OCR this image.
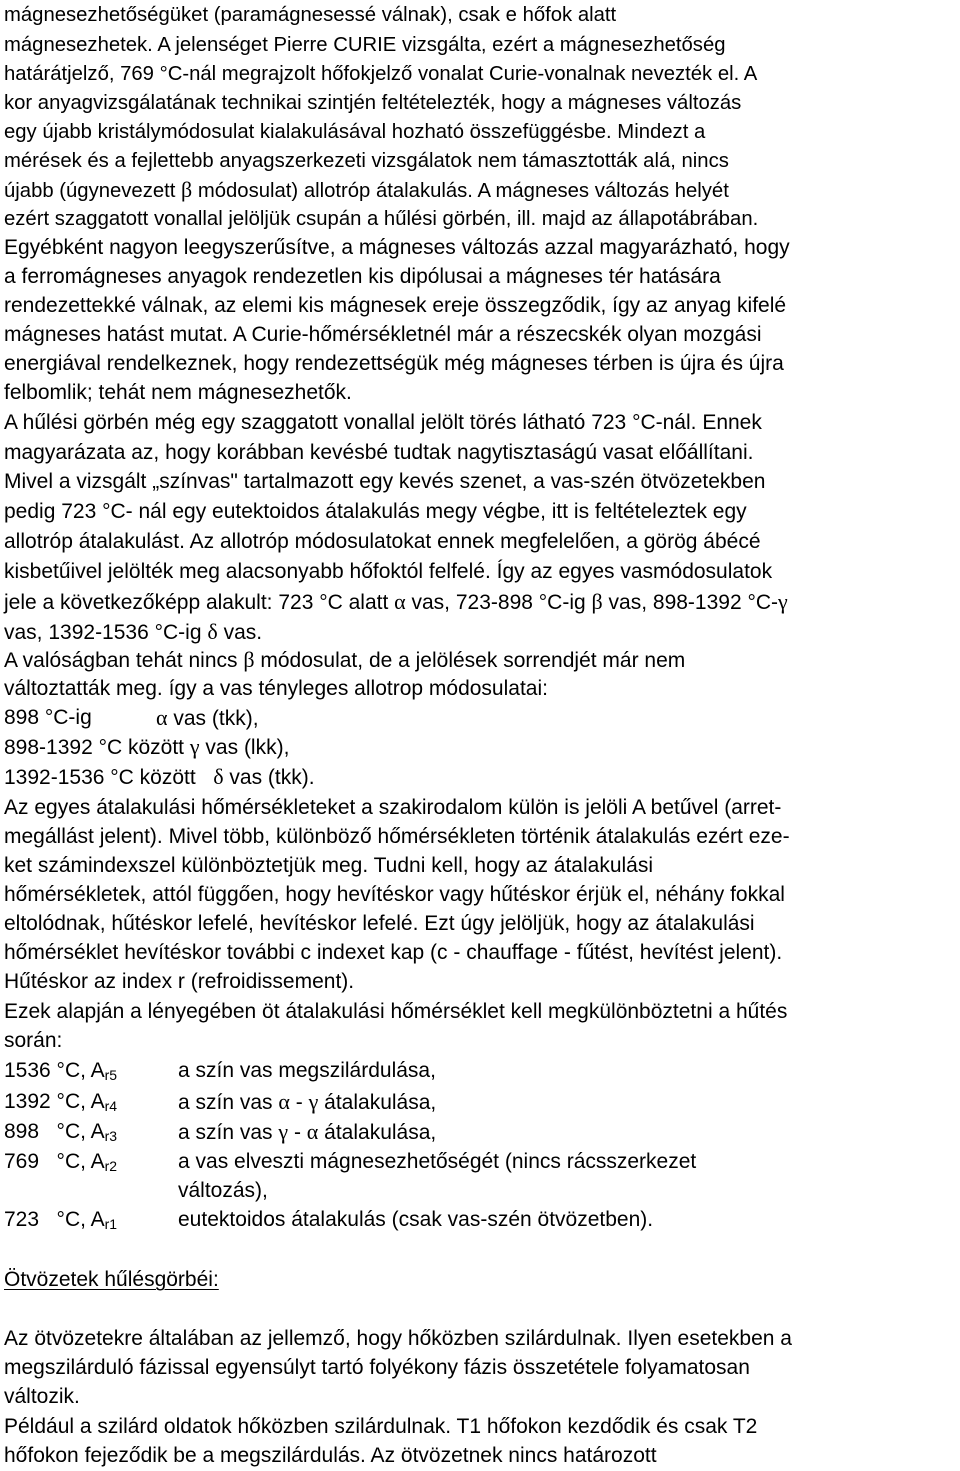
mágnesezhetőségüket (paramágnesessé válnak), csak e hőfok alatt
mágnesezhetek. A jelenséget Pierre CURIE vizsgálta, ezért a mágnesezhetőség
határátjelző, 769 °C-nál megrajzolt hőfokjelző vonalat Curie-vonalnak nevezték el. A
kor anyagvizsgálatának technikai szintjén feltételezték, hogy a mágneses változás
egy újabb kristálymódosulat kialakulásával hozható összefüggésbe. Mindezt a
mérések és a fejlettebb anyagszerkezeti vizsgálatok nem támasztották alá, nincs
újabb (úgynevezett β módosulat) allotróp átalakulás. A mágneses változás helyét
ezért szaggatott vonallal jelöljük csupán a hűlési görbén, ill. majd az állapotábrában.
Egyébként nagyon leegyszerűsítve, a mágneses változás azzal magyarázható, hogy
a ferromágneses anyagok rendezetlen kis dipólusai a mágneses tér hatására
rendezettekké válnak, az elemi kis mágnesek ereje összegződik, így az anyag kifelé
mágneses hatást mutat. A Curie-hőmérsékletnél már a részecskék olyan mozgási
energiával rendelkeznek, hogy rendezettségük még mágneses térben is újra és újra
felbomlik; tehát nem mágnesezhetők.
A hűlési görbén még egy szaggatott vonallal jelölt törés látható 723 °C-nál. Ennek
magyarázata az, hogy korábban kevésbé tudtak nagytisztaságú vasat előállítani.
Mivel a vizsgált „színvas" tartalmazott egy kevés szenet, a vas-szén ötvözetekben
pedig 723 °C- nál egy eutektoidos átalakulás megy végbe, itt is feltételeztek egy
allotróp átalakulást. Az allotróp módosulatokat ennek megfelelően, a görög ábécé
kisbetűivel jelölték meg alacsonyabb hőfoktól felfelé. Így az egyes vasmódosulatok
jele a következőképp alakult: 723 °C alatt α vas, 723-898 °C-ig β vas, 898-1392 °C-γ
vas, 1392-1536 °C-ig δ vas.
A valóságban tehát nincs β módosulat, de a jelölések sorrendjét már nem
változtatták meg. így a vas tényleges allotrop módosulatai:
898 °C-ig	α vas (tkk),
898-1392 °C között γ vas (lkk),
1392-1536 °C között δ vas (tkk).
Az egyes átalakulási hőmérsékleteket a szakirodalom külön is jelöli A betűvel (arret-
megállást jelent). Mivel több, különböző hőmérsékleten történik átalakulás ezért eze-
ket számindexszel különböztetjük meg. Tudni kell, hogy az átalakulási
hőmérsékletek, attól függően, hogy hevítéskor vagy hűtéskor érjük el, néhány fokkal
eltolódnak, hűtéskor lefelé, hevítéskor lefelé. Ezt úgy jelöljük, hogy az átalakulási
hőmérséklet hevítéskor további c indexet kap (c - chauffage - fűtést, hevítést jelent).
Hűtéskor az index r (refroidissement).
Ezek alapján a lényegében öt átalakulási hőmérséklet kell megkülönböztetni a hűtés
során:
1536 °C, $A_{r5}$	a szín vas megszilárdulása,
1392 °C, $A_{r4}$	a szín vas α - γ átalakulása,
898   °C, $A_{r3}$	a szín vas γ - α átalakulása,
769   °C, $A_{r2}$	a vas elveszti mágnesezhetőségét (nincs rácsszerkezet
változás),
723   °C, $A_{r1}$	eutektoidos átalakulás (csak vas-szén ötvözetben).
Ötvözetek hűlésgörbéi:
Az ötvözetekre általában az jellemző, hogy hőközben szilárdulnak. Ilyen esetekben a
megszilárduló fázissal egyensúlyt tartó folyékony fázis összetétele folyamatosan
változik.
Például a szilárd oldatok hőközben szilárdulnak. T1 hőfokon kezdődik és csak T2
hőfokon fejeződik be a megszilárdulás. Az ötvözetnek nincs határozott
